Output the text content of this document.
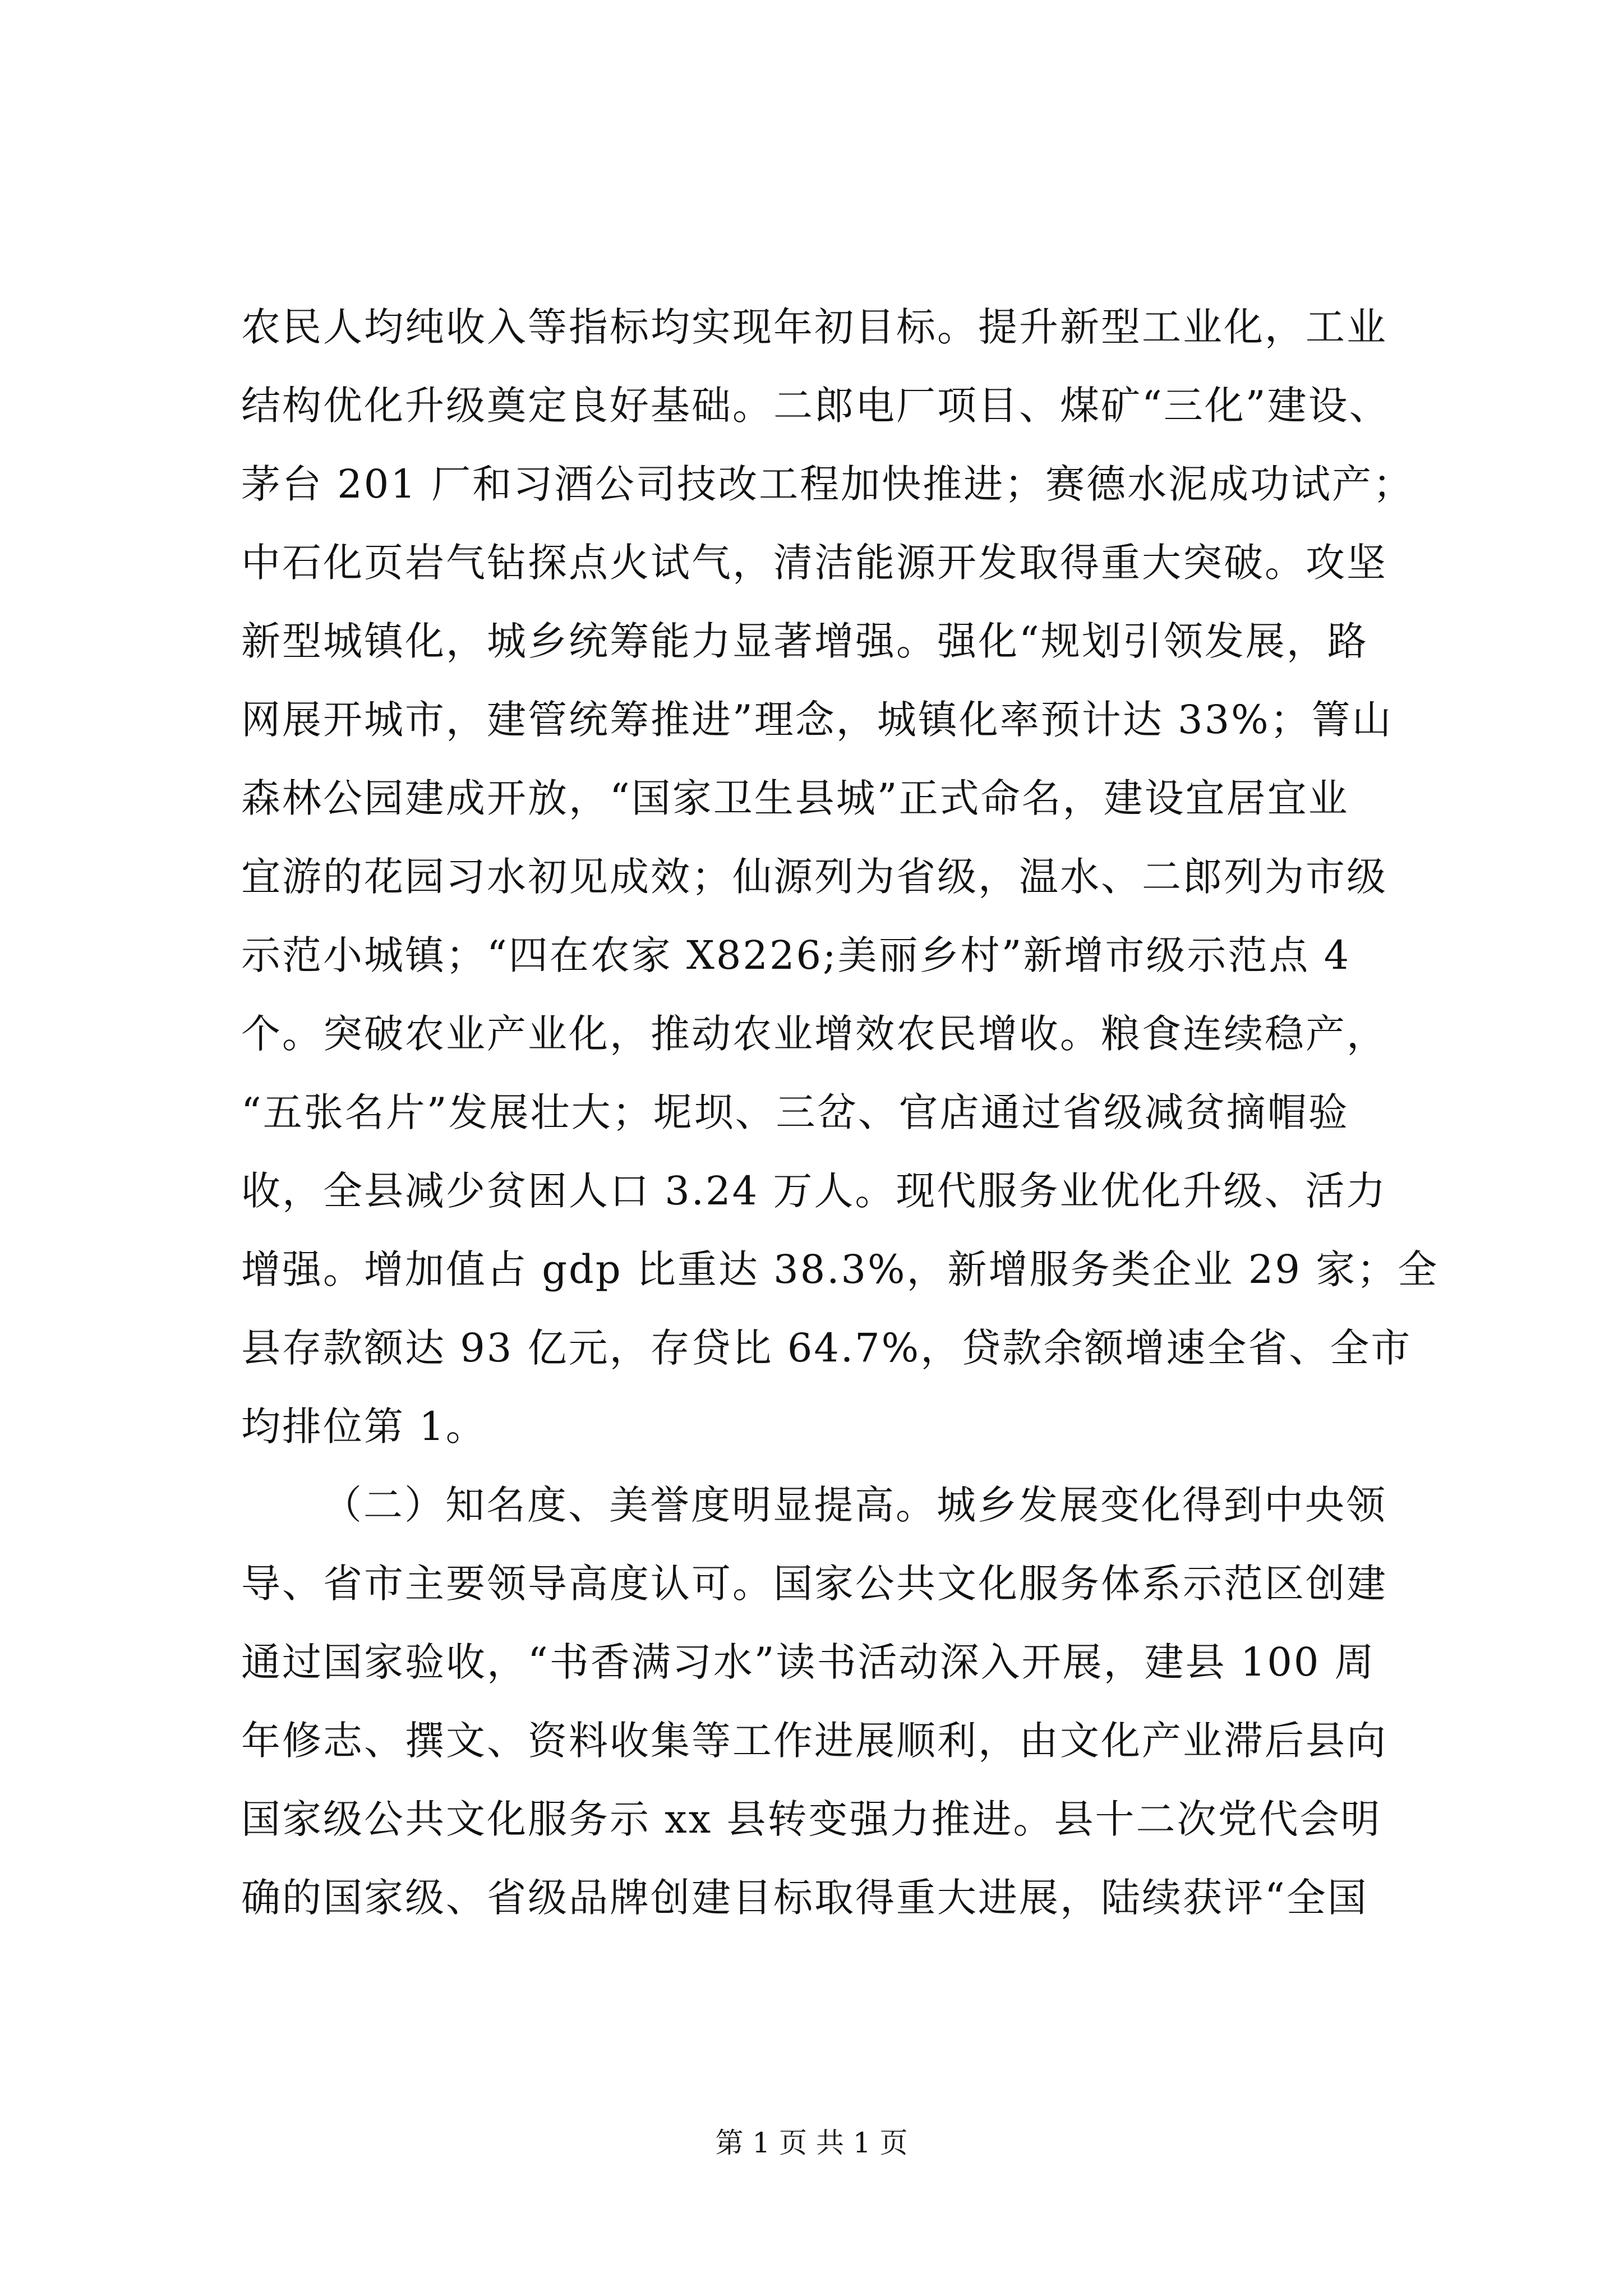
农民人均纯收入等指标均实现年初目标。提升新型工业化，工业
结构优化升级奠定良好基础。二郎电厂项目、煤矿“三化”建设、
茅台 201 厂和习酒公司技改工程加快推进；赛德水泥成功试产；
中石化页岩气钻探点火试气，清洁能源开发取得重大突破。攻坚
新型城镇化，城乡统筹能力显著增强。强化“规划引领发展，路
网展开城市，建管统筹推进”理念，城镇化率预计达 33%；箐山
森林公园建成开放，“国家卫生县城”正式命名，建设宜居宜业
宜游的花园习水初见成效；仙源列为省级，温水、二郎列为市级
示范小城镇；“四在农家 X8226;美丽乡村”新增市级示范点 4
个。突破农业产业化，推动农业增效农民增收。粮食连续稳产，
“五张名片”发展壮大；坭坝、三岔、官店通过省级减贫摘帽验
收，全县减少贫困人口 3.24 万人。现代服务业优化升级、活力
增强。增加值占 gdp 比重达 38.3%，新增服务类企业 29 家；全
县存款额达 93 亿元，存贷比 64.7%，贷款余额增速全省、全市
均排位第 1。
（二）知名度、美誉度明显提高。城乡发展变化得到中央领
导、省市主要领导高度认可。国家公共文化服务体系示范区创建
通过国家验收，“书香满习水”读书活动深入开展，建县 100 周
年修志、撰文、资料收集等工作进展顺利，由文化产业滞后县向
国家级公共文化服务示 xx 县转变强力推进。县十二次党代会明
确的国家级、省级品牌创建目标取得重大进展，陆续获评“全国
第 1 页 共 1 页
